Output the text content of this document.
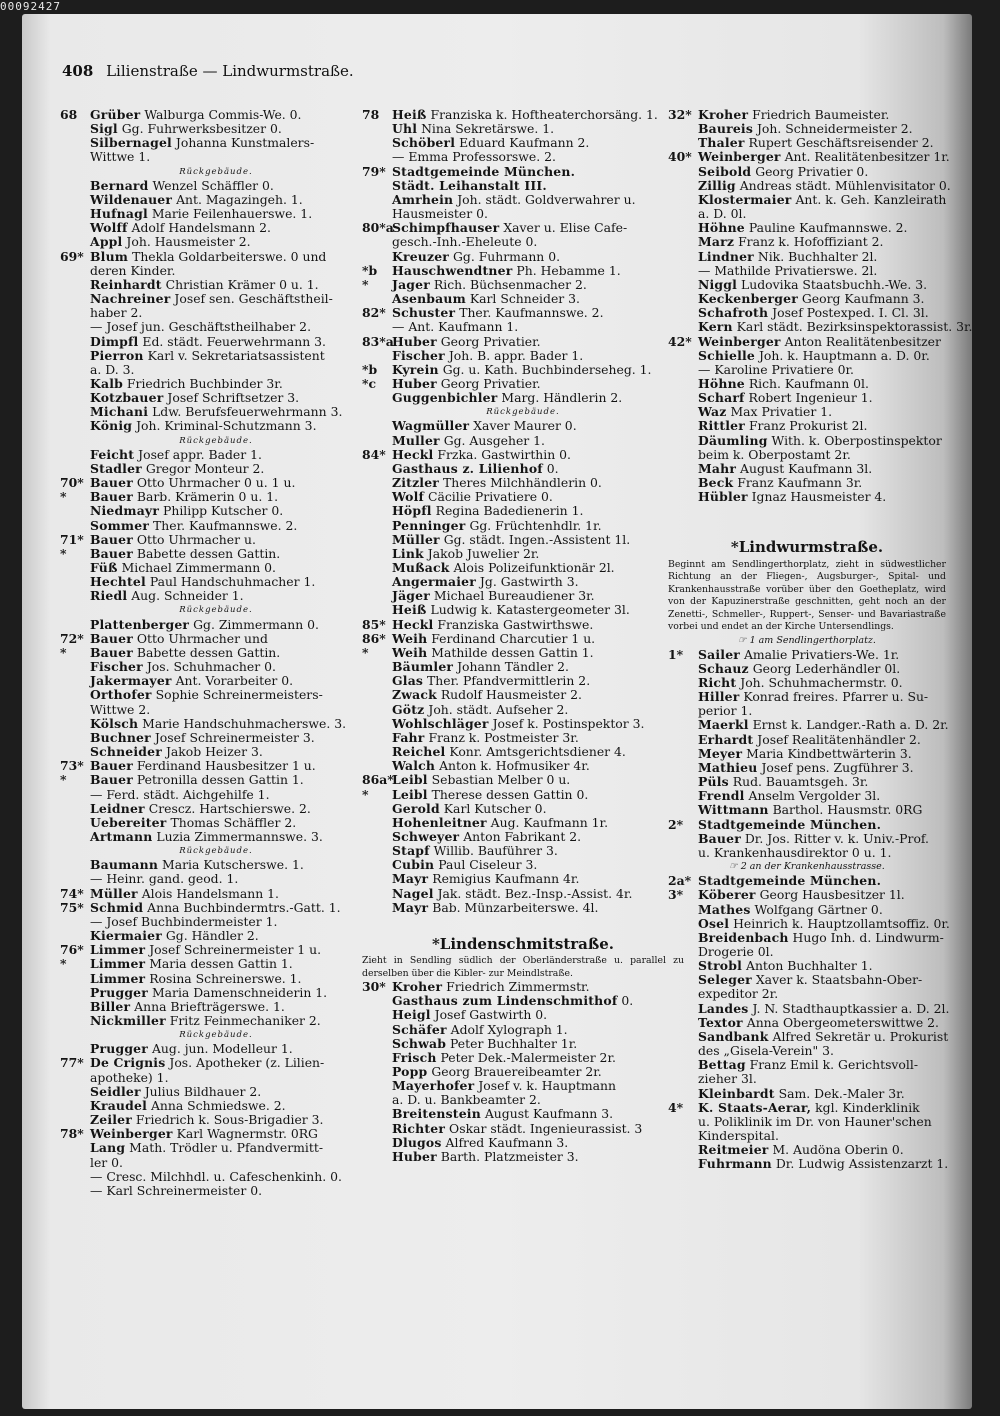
00092427
408 Lilienstraße — Lindwurmstraße.
68 Grüber Walburga Commis-We. 0.
Sigl Gg. Fuhrwerksbesitzer 0.
Silbernagel Johanna Kunstmalers-
Wittwe 1.
Rückgebäude.
Bernard Wenzel Schäffler 0.
Wildenauer Ant. Magazingeh. 1.
Hufnagl Marie Feilenhauerswe. 1.
Wolff Adolf Handelsmann 2.
Appl Joh. Hausmeister 2.
69* Blum Thekla Goldarbeiterswe. 0 und
deren Kinder.
Reinhardt Christian Krämer 0 u. 1.
Nachreiner Josef sen. Geschäftstheil-
haber 2.
— Josef jun. Geschäftstheilhaber 2.
Dimpfl Ed. städt. Feuerwehrmann 3.
Pierron Karl v. Sekretariatsassistent
a. D. 3.
Kalb Friedrich Buchbinder 3r.
Kotzbauer Josef Schriftsetzer 3.
Michani Ldw. Berufsfeuerwehrmann 3.
König Joh. Kriminal-Schutzmann 3.
Rückgebäude.
Feicht Josef appr. Bader 1.
Stadler Gregor Monteur 2.
70* Bauer Otto Uhrmacher 0 u. 1 u.
* Bauer Barb. Krämerin 0 u. 1.
Niedmayr Philipp Kutscher 0.
Sommer Ther. Kaufmannswe. 2.
71* Bauer Otto Uhrmacher u.
* Bauer Babette dessen Gattin.
Füß Michael Zimmermann 0.
Hechtel Paul Handschuhmacher 1.
Riedl Aug. Schneider 1.
Rückgebäude.
Plattenberger Gg. Zimmermann 0.
72* Bauer Otto Uhrmacher und
* Bauer Babette dessen Gattin.
Fischer Jos. Schuhmacher 0.
Jakermayer Ant. Vorarbeiter 0.
Orthofer Sophie Schreinermeisters-
Wittwe 2.
Kölsch Marie Handschuhmacherswe. 3.
Buchner Josef Schreinermeister 3.
Schneider Jakob Heizer 3.
73* Bauer Ferdinand Hausbesitzer 1 u.
* Bauer Petronilla dessen Gattin 1.
— Ferd. städt. Aichgehilfe 1.
Leidner Crescz. Hartschierswe. 2.
Uebereiter Thomas Schäffler 2.
Artmann Luzia Zimmermannswe. 3.
Rückgebäude.
Baumann Maria Kutscherswe. 1.
— Heinr. gand. geod. 1.
74* Müller Alois Handelsmann 1.
75* Schmid Anna Buchbindermtrs.-Gatt. 1.
— Josef Buchbindermeister 1.
Kiermaier Gg. Händler 2.
76* Limmer Josef Schreinermeister 1 u.
* Limmer Maria dessen Gattin 1.
Limmer Rosina Schreinerswe. 1.
Prugger Maria Damenschneiderin 1.
Biller Anna Briefträgerswe. 1.
Nickmiller Fritz Feinmechaniker 2.
Rückgebäude.
Prugger Aug. jun. Modelleur 1.
77* De Crignis Jos. Apotheker (z. Lilien-
apotheke) 1.
Seidler Julius Bildhauer 2.
Kraudel Anna Schmiedswe. 2.
Zeiler Friedrich k. Sous-Brigadier 3.
78* Weinberger Karl Wagnermstr. 0RG
Lang Math. Trödler u. Pfandvermitt-
ler 0.
— Cresc. Milchhdl. u. Cafeschenkinh. 0.
— Karl Schreinermeister 0.
78 Heiß Franziska k. Hoftheaterchorsäng. 1.
Uhl Nina Sekretärswe. 1.
Schöberl Eduard Kaufmann 2.
— Emma Professorswe. 2.
79* Stadtgemeinde München.
Städt. Leihanstalt III.
Amrhein Joh. städt. Goldverwahrer u.
Hausmeister 0.
80*aSchimpfhauser Xaver u. Elise Cafe-
gesch.-Inh.-Eheleute 0.
Kreuzer Gg. Fuhrmann 0.
*b Hauschwendtner Ph. Hebamme 1.
* Jager Rich. Büchsenmacher 2.
Asenbaum Karl Schneider 3.
82* Schuster Ther. Kaufmannswe. 2.
— Ant. Kaufmann 1.
83*aHuber Georg Privatier.
Fischer Joh. B. appr. Bader 1.
*b Kyrein Gg. u. Kath. Buchbinderseheg. 1.
*c Huber Georg Privatier.
Guggenbichler Marg. Händlerin 2.
Rückgebäude.
Wagmüller Xaver Maurer 0.
Muller Gg. Ausgeher 1.
84* Heckl Frzka. Gastwirthin 0.
Gasthaus z. Lilienhof 0.
Zitzler Theres Milchhändlerin 0.
Wolf Cäcilie Privatiere 0.
Höpfl Regina Badedienerin 1.
Penninger Gg. Früchtenhdlr. 1r.
Müller Gg. städt. Ingen.-Assistent 1l.
Link Jakob Juwelier 2r.
Mußack Alois Polizeifunktionär 2l.
Angermaier Jg. Gastwirth 3.
Jäger Michael Bureaudiener 3r.
Heiß Ludwig k. Katastergeometer 3l.
85* Heckl Franziska Gastwirthswe.
86* Weih Ferdinand Charcutier 1 u.
* Weih Mathilde dessen Gattin 1.
Bäumler Johann Tändler 2.
Glas Ther. Pfandvermittlerin 2.
Zwack Rudolf Hausmeister 2.
Götz Joh. städt. Aufseher 2.
Wohlschläger Josef k. Postinspektor 3.
Fahr Franz k. Postmeister 3r.
Reichel Konr. Amtsgerichtsdiener 4.
Walch Anton k. Hofmusiker 4r.
86a*Leibl Sebastian Melber 0 u.
* Leibl Therese dessen Gattin 0.
Gerold Karl Kutscher 0.
Hohenleitner Aug. Kaufmann 1r.
Schweyer Anton Fabrikant 2.
Stapf Willib. Bauführer 3.
Cubin Paul Ciseleur 3.
Mayr Remigius Kaufmann 4r.
Nagel Jak. städt. Bez.-Insp.-Assist. 4r.
Mayr Bab. Münzarbeiterswe. 4l.
*Lindenschmitstraße.
Zieht in Sendling südlich der Oberländerstraße u. parallel zu derselben über die Kibler- zur Meindlstraße.
30* Kroher Friedrich Zimmermstr.
Gasthaus zum Lindenschmithof 0.
Heigl Josef Gastwirth 0.
Schäfer Adolf Xylograph 1.
Schwab Peter Buchhalter 1r.
Frisch Peter Dek.-Malermeister 2r.
Popp Georg Brauereibeamter 2r.
Mayerhofer Josef v. k. Hauptmann
a. D. u. Bankbeamter 2.
Breitenstein August Kaufmann 3.
Richter Oskar städt. Ingenieurassist. 3
Dlugos Alfred Kaufmann 3.
Huber Barth. Platzmeister 3.
32* Kroher Friedrich Baumeister.
Baureis Joh. Schneidermeister 2.
Thaler Rupert Geschäftsreisender 2.
40* Weinberger Ant. Realitätenbesitzer 1r.
Seibold Georg Privatier 0.
Zillig Andreas städt. Mühlenvisitator 0.
Klostermaier Ant. k. Geh. Kanzleirath
a. D. 0l.
Höhne Pauline Kaufmannswe. 2.
Marz Franz k. Hofoffiziant 2.
Lindner Nik. Buchhalter 2l.
— Mathilde Privatierswe. 2l.
Niggl Ludovika Staatsbuchh.-We. 3.
Keckenberger Georg Kaufmann 3.
Schafroth Josef Postexped. I. Cl. 3l.
Kern Karl städt. Bezirksinspektorassist. 3r.
42* Weinberger Anton Realitätenbesitzer
Schielle Joh. k. Hauptmann a. D. 0r.
— Karoline Privatiere 0r.
Höhne Rich. Kaufmann 0l.
Scharf Robert Ingenieur 1.
Waz Max Privatier 1.
Rittler Franz Prokurist 2l.
Däumling With. k. Oberpostinspektor
beim k. Oberpostamt 2r.
Mahr August Kaufmann 3l.
Beck Franz Kaufmann 3r.
Hübler Ignaz Hausmeister 4.
*Lindwurmstraße.
Beginnt am Sendlingerthorplatz, zieht in südwestlicher Richtung an der Fliegen-, Augsburger-, Spital- und Krankenhausstraße vorüber über den Goetheplatz, wird von der Kapuzinerstraße geschnitten, geht noch an der Zenetti-, Schmeller-, Ruppert-, Senser- und Bavariastraße vorbei und endet an der Kirche Untersendlings.
☞ 1 am Sendlingerthorplatz.
1* Sailer Amalie Privatiers-We. 1r.
Schauz Georg Lederhändler 0l.
Richt Joh. Schuhmachermstr. 0.
Hiller Konrad freires. Pfarrer u. Su-
perior 1.
Maerkl Ernst k. Landger.-Rath a. D. 2r.
Erhardt Josef Realitätenhändler 2.
Meyer Maria Kindbettwärterin 3.
Mathieu Josef pens. Zugführer 3.
Püls Rud. Bauamtsgeh. 3r.
Frendl Anselm Vergolder 3l.
Wittmann Barthol. Hausmstr. 0RG
2* Stadtgemeinde München.
Bauer Dr. Jos. Ritter v. k. Univ.-Prof.
u. Krankenhausdirektor 0 u. 1.
☞ 2 an der Krankenhausstrasse.
2a* Stadtgemeinde München.
3* Köberer Georg Hausbesitzer 1l.
Mathes Wolfgang Gärtner 0.
Osel Heinrich k. Hauptzollamtsoffiz. 0r.
Breidenbach Hugo Inh. d. Lindwurm-
Drogerie 0l.
Strobl Anton Buchhalter 1.
Seleger Xaver k. Staatsbahn-Ober-
expeditor 2r.
Landes J. N. Stadthauptkassier a. D. 2l.
Textor Anna Obergeometerswittwe 2.
Sandbank Alfred Sekretär u. Prokurist
des „Gisela-Verein" 3.
Bettag Franz Emil k. Gerichtsvoll-
zieher 3l.
Kleinbardt Sam. Dek.-Maler 3r.
4* K. Staats-Aerar, kgl. Kinderklinik
u. Poliklinik im Dr. von Hauner'schen
Kinderspital.
Reitmeier M. Audöna Oberin 0.
Fuhrmann Dr. Ludwig Assistenzarzt 1.
